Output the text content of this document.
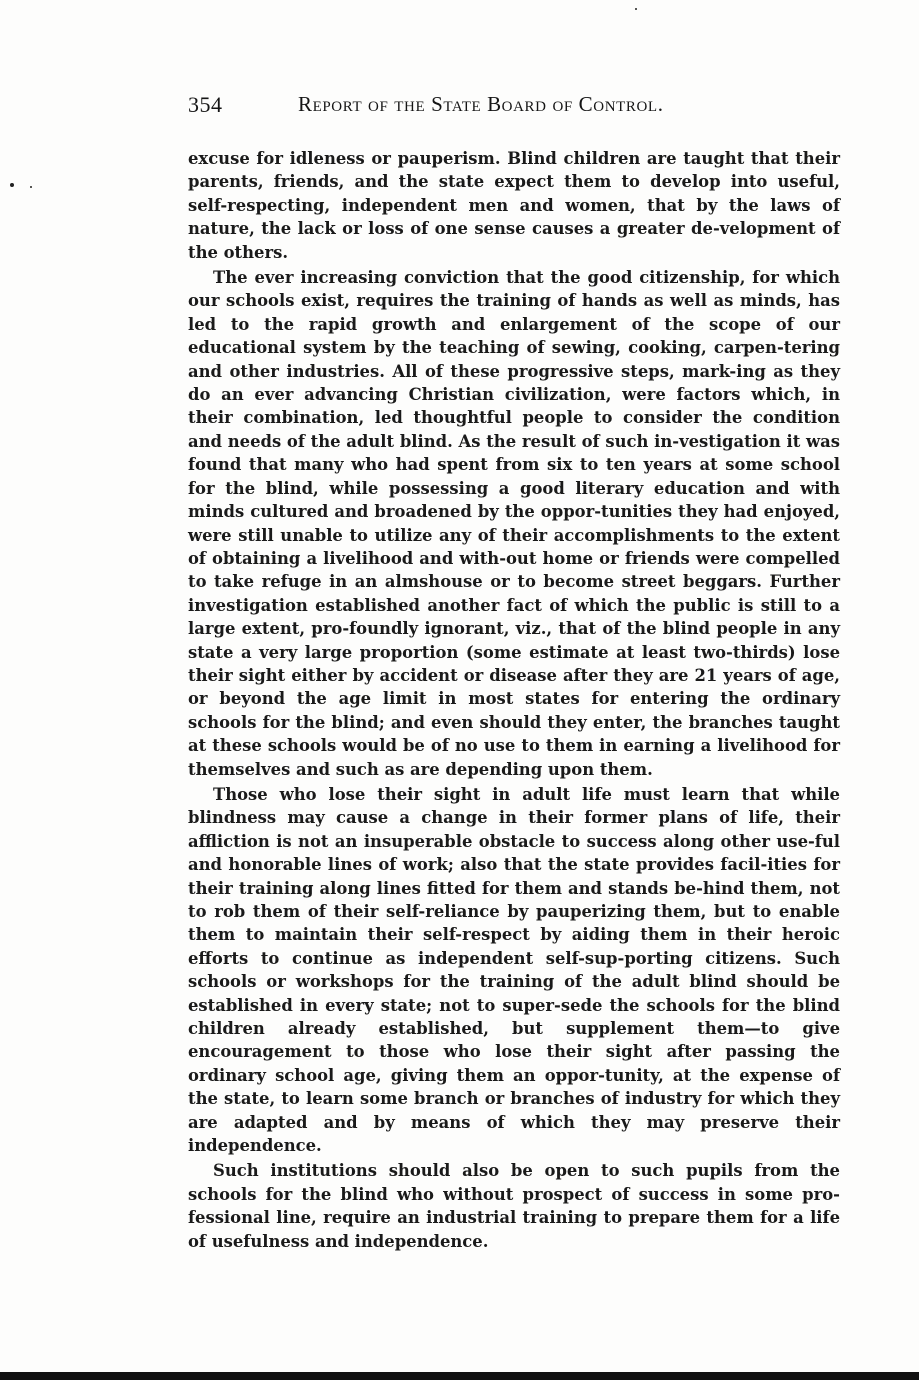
354	Report of the State Board of Control.

excuse for idleness or pauperism. Blind children are taught that their parents, friends, and the state expect them to develop into useful, self-respecting, independent men and women, that by the laws of nature, the lack or loss of one sense causes a greater de-velopment of the others.

The ever increasing conviction that the good citizenship, for which our schools exist, requires the training of hands as well as minds, has led to the rapid growth and enlargement of the scope of our educational system by the teaching of sewing, cooking, carpen-tering and other industries. All of these progressive steps, mark-ing as they do an ever advancing Christian civilization, were factors which, in their combination, led thoughtful people to consider the condition and needs of the adult blind. As the result of such in-vestigation it was found that many who had spent from six to ten years at some school for the blind, while possessing a good literary education and with minds cultured and broadened by the oppor-tunities they had enjoyed, were still unable to utilize any of their accomplishments to the extent of obtaining a livelihood and with-out home or friends were compelled to take refuge in an almshouse or to become street beggars. Further investigation established another fact of which the public is still to a large extent, pro-foundly ignorant, viz., that of the blind people in any state a very large proportion (some estimate at least two-thirds) lose their sight either by accident or disease after they are 21 years of age, or beyond the age limit in most states for entering the ordinary schools for the blind; and even should they enter, the branches taught at these schools would be of no use to them in earning a livelihood for themselves and such as are depending upon them.

Those who lose their sight in adult life must learn that while blindness may cause a change in their former plans of life, their affliction is not an insuperable obstacle to success along other use-ful and honorable lines of work; also that the state provides facil-ities for their training along lines fitted for them and stands be-hind them, not to rob them of their self-reliance by pauperizing them, but to enable them to maintain their self-respect by aiding them in their heroic efforts to continue as independent self-sup-porting citizens. Such schools or workshops for the training of the adult blind should be established in every state; not to super-sede the schools for the blind children already established, but supplement them—to give encouragement to those who lose their sight after passing the ordinary school age, giving them an oppor-tunity, at the expense of the state, to learn some branch or branches of industry for which they are adapted and by means of which they may preserve their independence.

Such institutions should also be open to such pupils from the schools for the blind who without prospect of success in some pro-fessional line, require an industrial training to prepare them for a life of usefulness and independence.
